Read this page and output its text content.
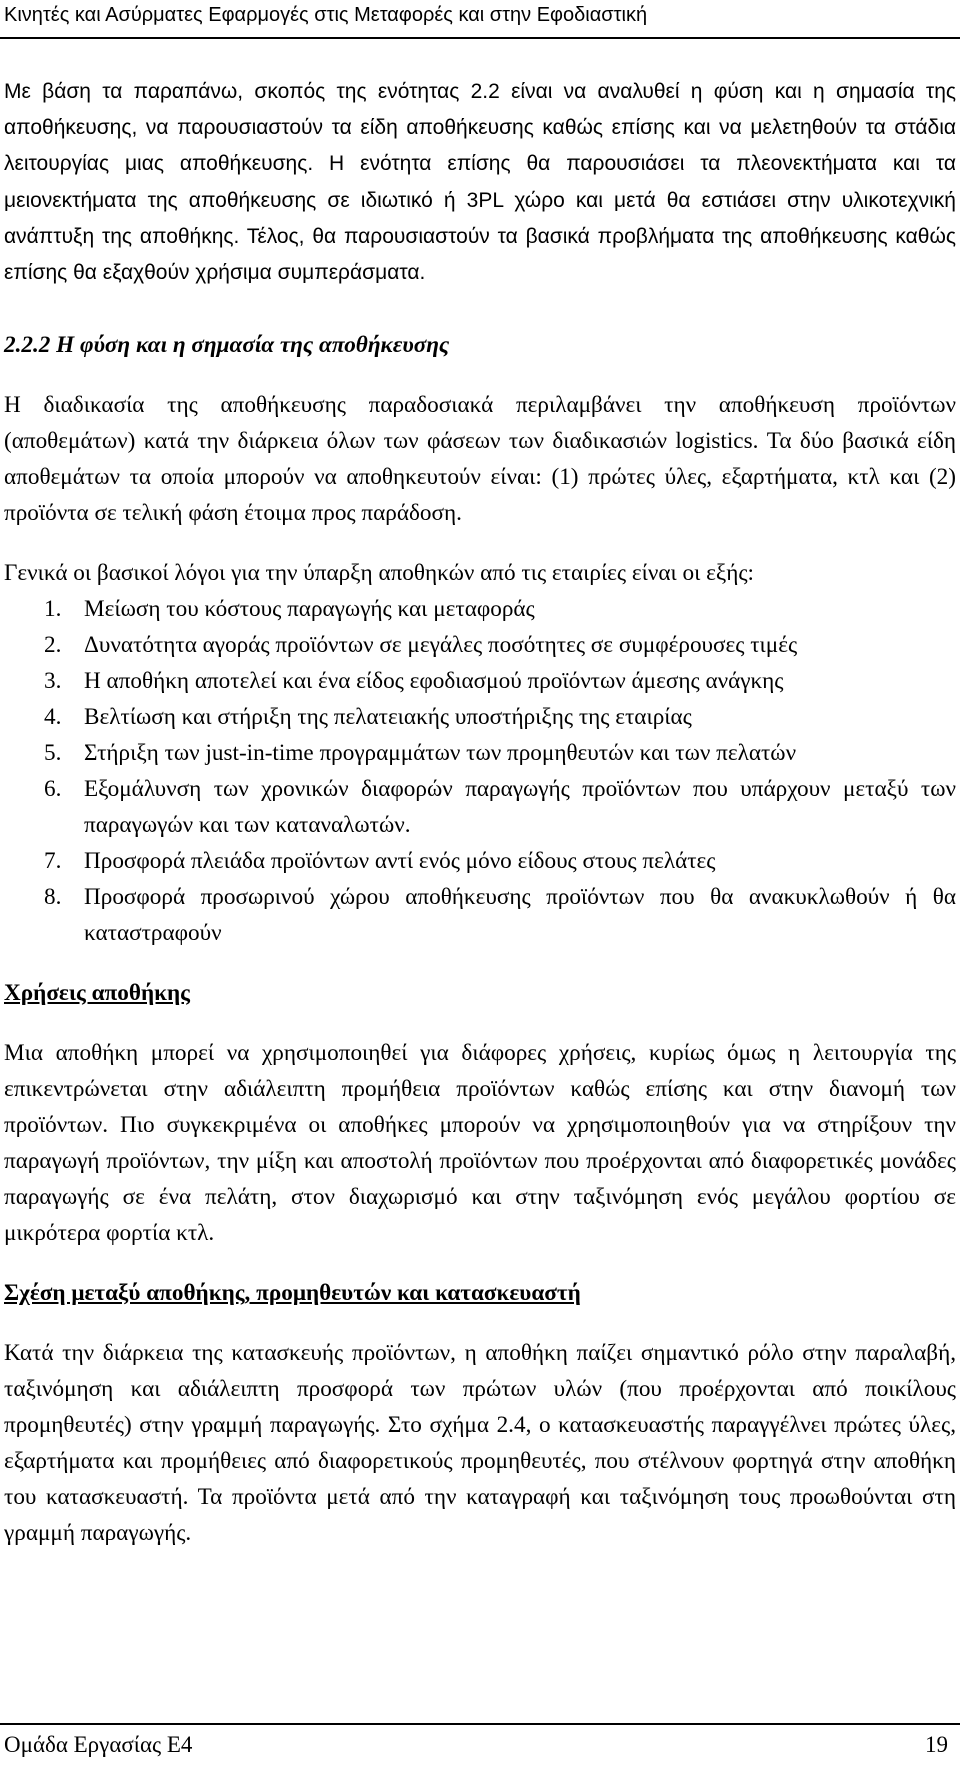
Κινητές και Ασύρματες Εφαρμογές στις Μεταφορές και στην Εφοδιαστική

Με βάση τα παραπάνω, σκοπός της ενότητας 2.2 είναι να αναλυθεί η φύση και η σημασία της αποθήκευσης, να παρουσιαστούν τα είδη αποθήκευσης καθώς επίσης και να μελετηθούν τα στάδια λειτουργίας μιας αποθήκευσης. Η ενότητα επίσης θα παρουσιάσει τα πλεονεκτήματα και τα μειονεκτήματα της αποθήκευσης σε ιδιωτικό ή 3PL χώρο και μετά θα εστιάσει στην υλικοτεχνική ανάπτυξη της αποθήκης. Τέλος, θα παρουσιαστούν τα βασικά προβλήματα της αποθήκευσης καθώς επίσης θα εξαχθούν χρήσιμα συμπεράσματα.

2.2.2 Η φύση και η σημασία της αποθήκευσης

Η διαδικασία της αποθήκευσης παραδοσιακά περιλαμβάνει την αποθήκευση προϊόντων (αποθεμάτων) κατά την διάρκεια όλων των φάσεων των διαδικασιών logistics. Τα δύο βασικά είδη αποθεμάτων τα οποία μπορούν να αποθηκευτούν είναι: (1) πρώτες ύλες, εξαρτήματα, κτλ και (2) προϊόντα σε τελική φάση έτοιμα προς παράδοση.

Γενικά οι βασικοί λόγοι για την ύπαρξη αποθηκών από τις εταιρίες είναι οι εξής:

1. Μείωση του κόστους παραγωγής και μεταφοράς
2. Δυνατότητα αγοράς προϊόντων σε μεγάλες ποσότητες σε συμφέρουσες τιμές
3. Η αποθήκη αποτελεί και ένα είδος εφοδιασμού προϊόντων άμεσης ανάγκης
4. Βελτίωση και στήριξη της πελατειακής υποστήριξης της εταιρίας
5. Στήριξη των just-in-time προγραμμάτων των προμηθευτών και των πελατών
6. Εξομάλυνση των χρονικών διαφορών παραγωγής προϊόντων που υπάρχουν μεταξύ των παραγωγών και των καταναλωτών.
7. Προσφορά πλειάδα προϊόντων αντί ενός μόνο είδους στους πελάτες
8. Προσφορά προσωρινού χώρου αποθήκευσης προϊόντων που θα ανακυκλωθούν ή θα καταστραφούν

Χρήσεις αποθήκης

Μια αποθήκη μπορεί να χρησιμοποιηθεί για διάφορες χρήσεις, κυρίως όμως η λειτουργία της επικεντρώνεται στην αδιάλειπτη προμήθεια προϊόντων καθώς επίσης και στην διανομή των προϊόντων. Πιο συγκεκριμένα οι αποθήκες μπορούν να χρησιμοποιηθούν για να στηρίξουν την παραγωγή προϊόντων, την μίξη και αποστολή προϊόντων που προέρχονται από διαφορετικές μονάδες παραγωγής σε ένα πελάτη, στον διαχωρισμό και στην ταξινόμηση ενός μεγάλου φορτίου σε μικρότερα φορτία κτλ.

Σχέση μεταξύ αποθήκης, προμηθευτών και κατασκευαστή

Κατά την διάρκεια της κατασκευής προϊόντων, η αποθήκη παίζει σημαντικό ρόλο στην παραλαβή, ταξινόμηση και αδιάλειπτη προσφορά των πρώτων υλών (που προέρχονται από ποικίλους προμηθευτές) στην γραμμή παραγωγής. Στο σχήμα 2.4, ο κατασκευαστής παραγγέλνει πρώτες ύλες, εξαρτήματα και προμήθειες από διαφορετικούς προμηθευτές, που στέλνουν φορτηγά στην αποθήκη του κατασκευαστή. Τα προϊόντα μετά από την καταγραφή και ταξινόμηση τους προωθούνται στη γραμμή παραγωγής.

Ομάδα Εργασίας Ε4	19
